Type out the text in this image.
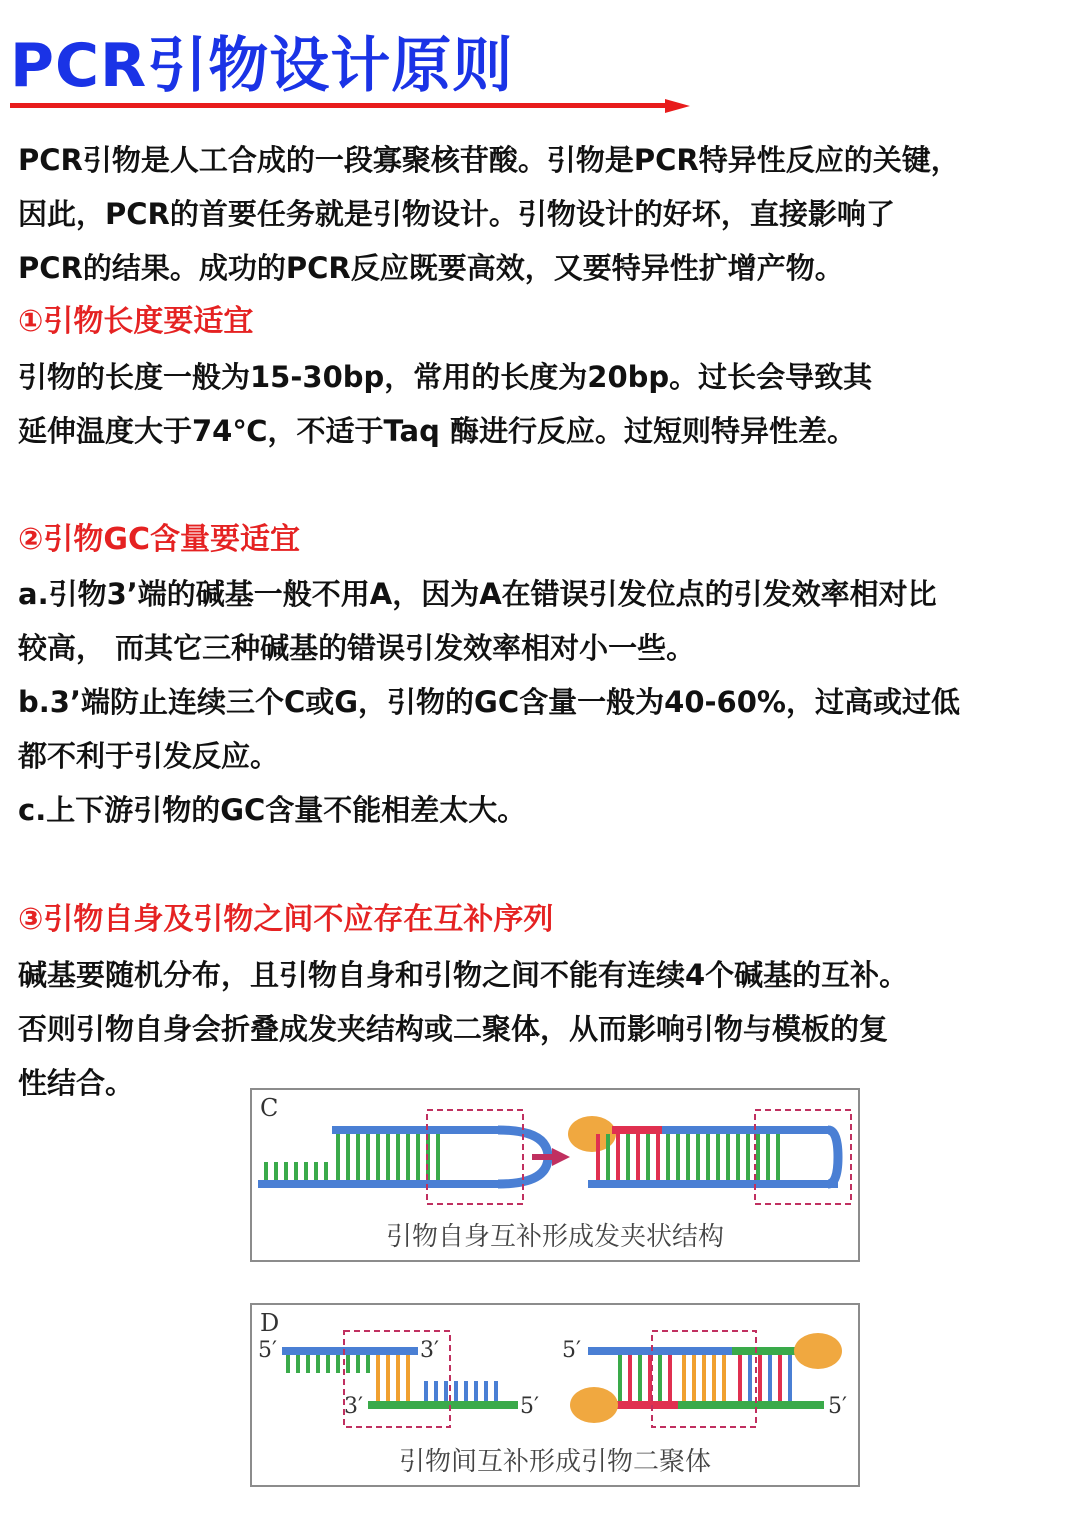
PCR引物设计原则
PCR引物是人工合成的一段寡聚核苷酸。引物是PCR特异性反应的关键，
因此，PCR的首要任务就是引物设计。引物设计的好坏，直接影响了
PCR的结果。成功的PCR反应既要高效，又要特异性扩增产物。
①引物长度要适宜
引物的长度一般为15-30bp，常用的长度为20bp。过长会导致其
延伸温度大于74℃，不适于Taq 酶进行反应。过短则特异性差。
②引物GC含量要适宜
a.引物3’端的碱基一般不用A，因为A在错误引发位点的引发效率相对比
较高， 而其它三种碱基的错误引发效率相对小一些。
b.3’端防止连续三个C或G，引物的GC含量一般为40-60%，过高或过低
都不利于引发反应。
c.上下游引物的GC含量不能相差太大。
③引物自身及引物之间不应存在互补序列
碱基要随机分布，且引物自身和引物之间不能有连续4个碱基的互补。
否则引物自身会折叠成发夹结构或二聚体，从而影响引物与模板的复
性结合。
C
引物自身互补形成发夹状结构
D
5′	3′
3′	5′
5′
5′
引物间互补形成引物二聚体
